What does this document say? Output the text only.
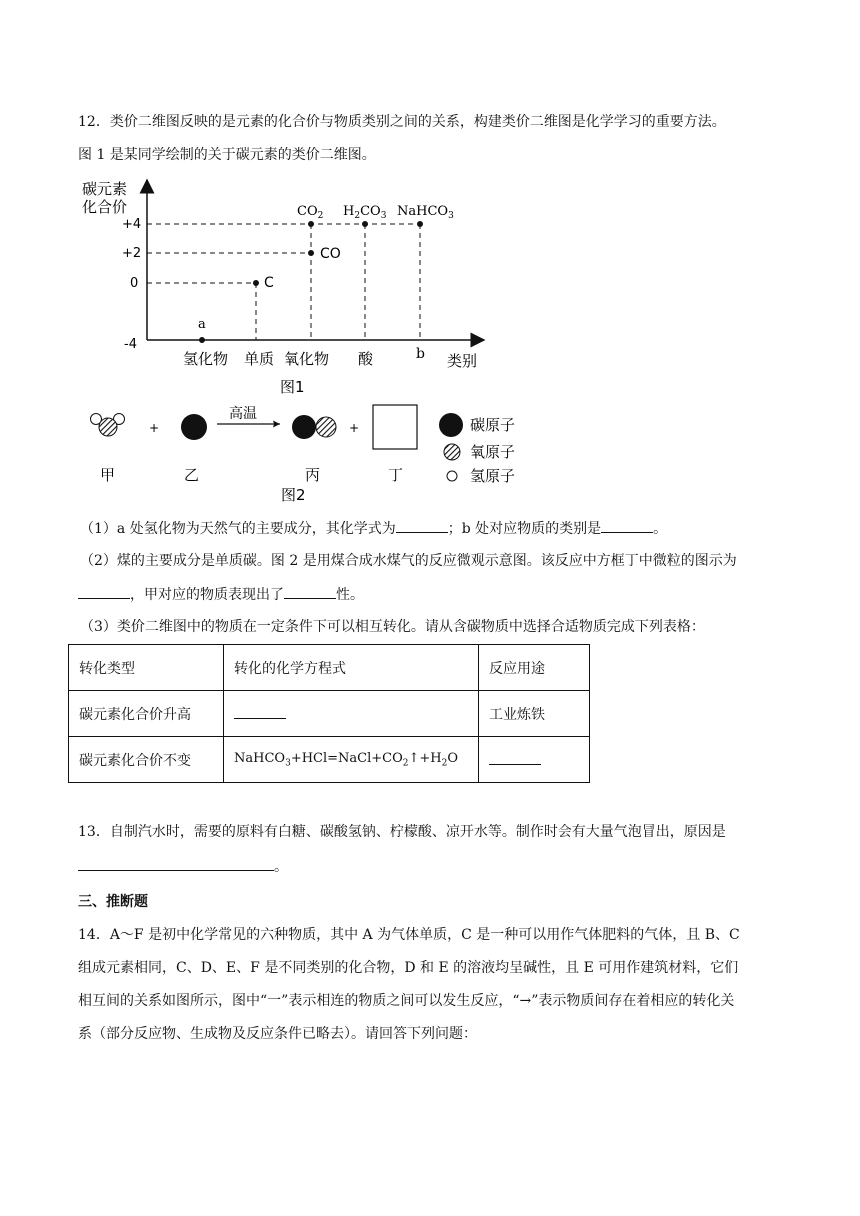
12．类价二维图反映的是元素的化合价与物质类别之间的关系，构建类价二维图是化学学习的重要方法。
图 1 是某同学绘制的关于碳元素的类价二维图。
碳元素
化合价
+4
+2
0
-4
a
C
CO
$CO_2$ $H_2CO_3$ NaHCO$_3$
氢化物 单质 氧化物 酸	b 类别
图1
+
高温
+
甲	乙	丙	丁
图2
碳原子
氧原子
氢原子
（1）a 处氢化物为天然气的主要成分，其化学式为	；b 处对应物质的类别是	。
（2）煤的主要成分是单质碳。图 2 是用煤合成水煤气的反应微观示意图。该反应中方框丁中微粒的图示为
，甲对应的物质表现出了	性。
（3）类价二维图中的物质在一定条件下可以相互转化。请从含碳物质中选择合适物质完成下列表格：
转化类型	转化的化学方程式	反应用途
碳元素化合价升高		工业炼铁
碳元素化合价不变	$NaHCO_3+HCl=NaCl+CO_2↑+H_2O$	
13．自制汽水时，需要的原料有白糖、碳酸氢钠、柠檬酸、凉开水等。制作时会有大量气泡冒出，原因是
。
三、推断题
14．A～F 是初中化学常见的六种物质，其中 A 为气体单质，C 是一种可以用作气体肥料的气体，且 B、C
组成元素相同，C、D、E、F 是不同类别的化合物，D 和 E 的溶液均呈碱性，且 E 可用作建筑材料，它们
相互间的关系如图所示，图中“一”表示相连的物质之间可以发生反应，“→”表示物质间存在着相应的转化关
系（部分反应物、生成物及反应条件已略去）。请回答下列问题：
